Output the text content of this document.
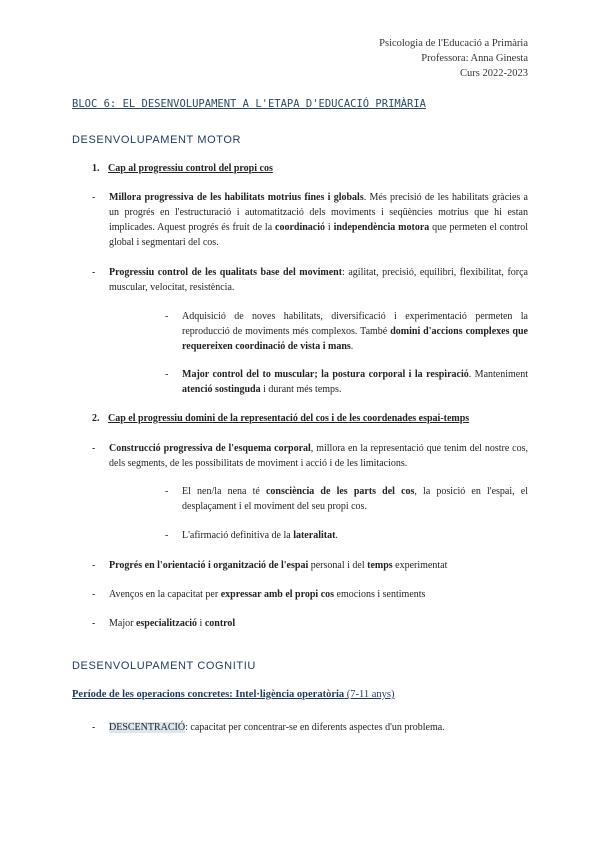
Psicologia de l'Educació a Primària
Professora: Anna Ginesta
Curs 2022-2023
BLOC 6: EL DESENVOLUPAMENT A L'ETAPA D'EDUCACIÓ PRIMÀRIA
DESENVOLUPAMENT MOTOR
1. Cap al progressiu control del propi cos
- Millora progressiva de les habilitats motrius fines i globals. Més precisió de les habilitats gràcies a un progrés en l'estructuració i automatització dels moviments i seqüències motrius que hi estan implicades. Aquest progrés és fruit de la coordinació i independència motora que permeten el control global i segmentari del cos.
- Progressiu control de les qualitats base del moviment: agilitat, precisió, equilibri, flexibilitat, força muscular, velocitat, resistència.
- Adquisició de noves habilitats, diversificació i experimentació permeten la reproducció de moviments més complexos. També domini d'accions complexes que requereixen coordinació de vista i mans.
- Major control del to muscular; la postura corporal i la respiració. Manteniment atenció sostinguda i durant més temps.
2. Cap el progressiu domini de la representació del cos i de les coordenades espai-temps
- Construcció progressiva de l'esquema corporal, millora en la representació que tenim del nostre cos, dels segments, de les possibilitats de moviment i acció i de les limitacions.
- El nen/la nena té consciència de les parts del cos, la posició en l'espai, el desplaçament i el moviment del seu propi cos.
- L'afirmació definitiva de la lateralitat.
- Progrés en l'orientació i organització de l'espai personal i del temps experimentat
- Avenços en la capacitat per expressar amb el propi cos emocions i sentiments
- Major especialització i control
DESENVOLUPAMENT COGNITIU
Període de les operacions concretes: Intel·ligència operatòria (7-11 anys)
- DESCENTRACIÓ: capacitat per concentrar-se en diferents aspectes d'un problema.
